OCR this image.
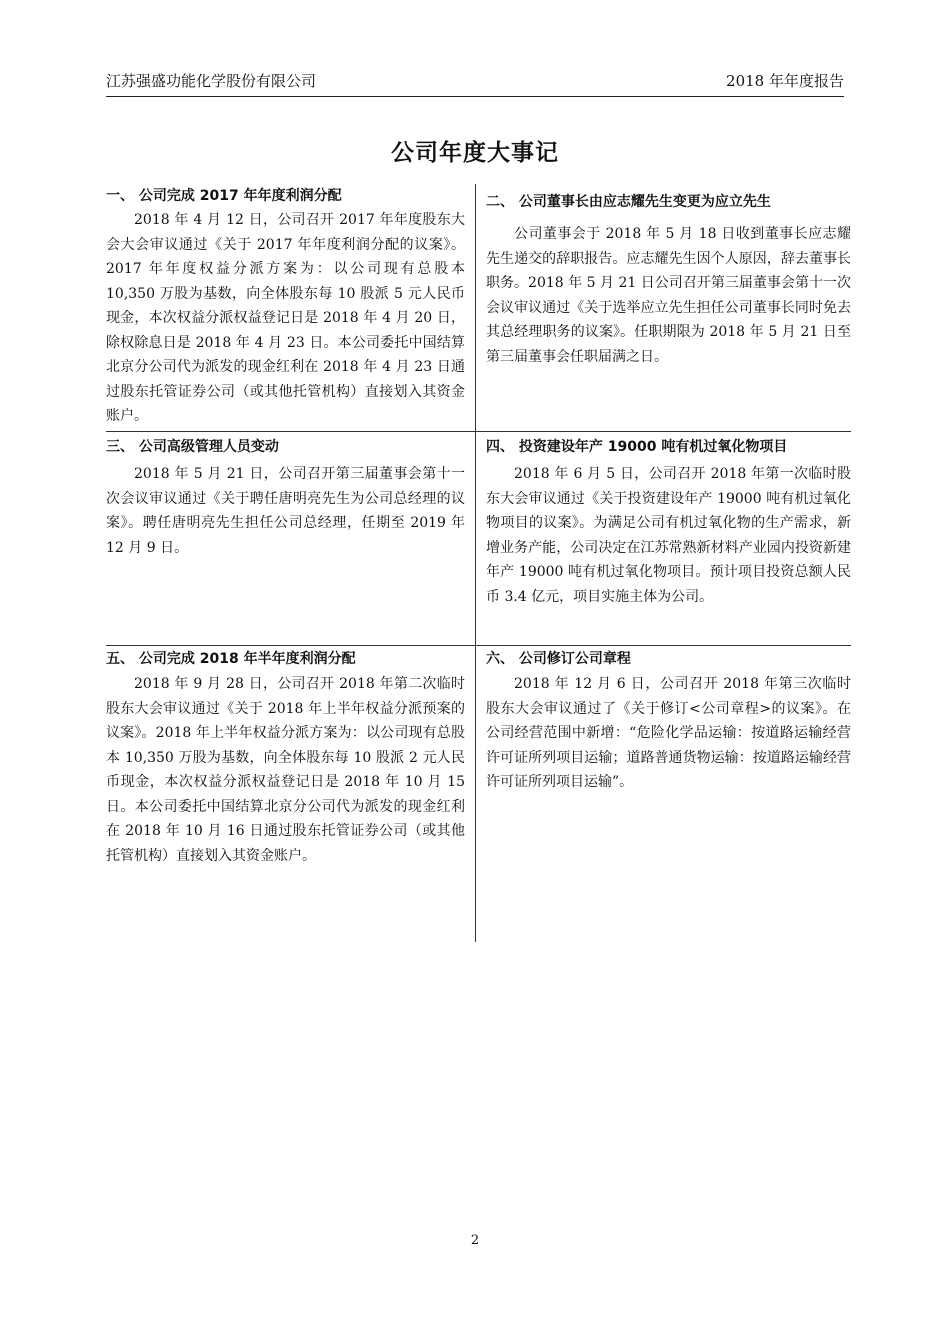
江苏强盛功能化学股份有限公司	2018 年年度报告
公司年度大事记
一、 公司完成 2017 年年度利润分配

2018 年 4 月 12 日，公司召开 2017 年年度股东大会大会审议通过《关于 2017 年年度利润分配的议案》。2017 年年度权益分派方案为：以公司现有总股本 10,350 万股为基数，向全体股东每 10 股派 5 元人民币现金，本次权益分派权益登记日是 2018 年 4 月 20 日，除权除息日是 2018 年 4 月 23 日。本公司委托中国结算北京分公司代为派发的现金红利在 2018 年 4 月 23 日通过股东托管证券公司（或其他托管机构）直接划入其资金账户。

二、 公司董事长由应志耀先生变更为应立先生

公司董事会于 2018 年 5 月 18 日收到董事长应志耀先生递交的辞职报告。应志耀先生因个人原因，辞去董事长职务。2018 年 5 月 21 日公司召开第三届董事会第十一次会议审议通过《关于选举应立先生担任公司董事长同时免去其总经理职务的议案》。任职期限为 2018 年 5 月 21 日至第三届董事会任职届满之日。

三、 公司高级管理人员变动

2018 年 5 月 21 日，公司召开第三届董事会第十一次会议审议通过《关于聘任唐明亮先生为公司总经理的议案》。聘任唐明亮先生担任公司总经理，任期至 2019 年 12 月 9 日。

四、 投资建设年产 19000 吨有机过氧化物项目

2018 年 6 月 5 日，公司召开 2018 年第一次临时股东大会审议通过《关于投资建设年产 19000 吨有机过氧化物项目的议案》。为满足公司有机过氧化物的生产需求，新增业务产能，公司决定在江苏常熟新材料产业园内投资新建年产 19000 吨有机过氧化物项目。预计项目投资总额人民币 3.4 亿元，项目实施主体为公司。

五、 公司完成 2018 年半年度利润分配

2018 年 9 月 28 日，公司召开 2018 年第二次临时股东大会审议通过《关于 2018 年上半年权益分派预案的议案》。2018 年上半年权益分派方案为：以公司现有总股本 10,350 万股为基数，向全体股东每 10 股派 2 元人民币现金，本次权益分派权益登记日是 2018 年 10 月 15 日。本公司委托中国结算北京分公司代为派发的现金红利在 2018 年 10 月 16 日通过股东托管证券公司（或其他托管机构）直接划入其资金账户。

六、 公司修订公司章程

2018 年 12 月 6 日，公司召开 2018 年第三次临时股东大会审议通过了《关于修订<公司章程>的议案》。在公司经营范围中新增：“危险化学品运输：按道路运输经营许可证所列项目运输；道路普通货物运输：按道路运输经营许可证所列项目运输”。

2
